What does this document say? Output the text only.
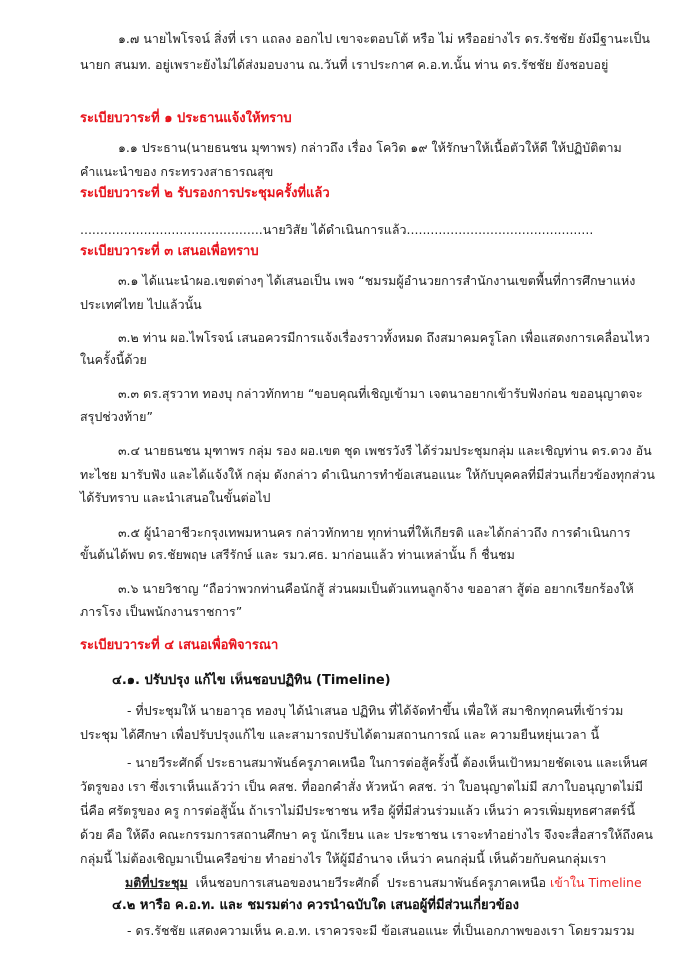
๑.๗ นายไพโรจน์ สิ่งที่ เรา แถลง ออกไป เขาจะตอบโต้ หรือ ไม่ หรืออย่างไร ดร.รัชชัย ยังมีฐานะเป็น
นายก สนมท. อยู่เพราะยังไม่ได้ส่งมอบงาน ณ.วันที่ เราประกาศ ค.อ.ท.นั้น ท่าน ดร.รัชชัย ยังชอบอยู่
ระเบียบวาระที่ ๑ ประธานแจ้งให้ทราบ
๑.๑ ประธาน(นายธนชน มุฑาพร) กล่าวถึง เรื่อง โควิด ๑๙ ให้รักษาให้เนื้อตัวให้ดี ให้ปฏิบัติตาม
คำแนะนำของ กระทรวงสาธารณสุข
ระเบียบวาระที่ ๒ รับรองการประชุมครั้งที่แล้ว
..............................................นายวิสัย ได้ดำเนินการแล้ว...............................................
ระเบียบวาระที่ ๓ เสนอเพื่อทราบ
๓.๑ ได้แนะนำผอ.เขตต่างๆ ได้เสนอเป็น เพจ “ชมรมผู้อำนวยการสำนักงานเขตพื้นที่การศึกษาแห่ง
ประเทศไทย ไปแล้วนั้น
๓.๒ ท่าน ผอ.ไพโรจน์ เสนอควรมีการแจ้งเรื่องราวทั้งหมด ถึงสมาคมครูโลก เพื่อแสดงการเคลื่อนไหว
ในครั้งนี้ด้วย
๓.๓ ดร.สุรวาท ทองบุ กล่าวทักทาย “ขอบคุณที่เชิญเข้ามา เจตนาอยากเข้ารับฟังก่อน ขออนุญาตจะ
สรุปช่วงท้าย”
๓.๔ นายธนชน มุฑาพร กลุ่ม รอง ผอ.เขต ชุด เพชรวังรี ได้ร่วมประชุมกลุ่ม และเชิญท่าน ดร.ดวง อัน
ทะไชย มารับฟัง และได้แจ้งให้ กลุ่ม ดังกล่าว ดำเนินการทำข้อเสนอแนะ ให้กับบุคคลที่มีส่วนเกี่ยวข้องทุกส่วน
ได้รับทราบ และนำเสนอในขั้นต่อไป
๓.๕ ผู้นำอาชีวะกรุงเทพมหานคร กล่าวทักทาย ทุกท่านที่ให้เกียรติ และได้กล่าวถึง การดำเนินการ
ขั้นต้นได้พบ ดร.ชัยพฤษ เสรีรักษ์ และ รมว.ศธ. มาก่อนแล้ว ท่านเหล่านั้น ก็ ชื่นชม
๓.๖ นายวิชาญ “ถือว่าพวกท่านคือนักสู้ ส่วนผมเป็นตัวแทนลูกจ้าง ขออาสา สู้ต่อ อยากเรียกร้องให้
ภารโรง เป็นพนักงานราชการ”
ระเบียบวาระที่ ๔ เสนอเพื่อพิจารณา
๔.๑. ปรับปรุง แก้ไข เห็นชอบปฏิทิน (Timeline)
- ที่ประชุมให้ นายอาวุธ ทองบุ ได้นำเสนอ ปฏิทิน ที่ได้จัดทำขึ้น เพื่อให้ สมาชิกทุกคนที่เข้าร่วม
ประชุม ได้ศึกษา เพื่อปรับปรุงแก้ไข และสามารถปรับได้ตามสถานการณ์ และ ความยืนหยุ่นเวลา นี้
- นายวีระศักดิ์ ประธานสมาพันธ์ครูภาคเหนือ ในการต่อสู้ครั้งนี้ ต้องเห็นเป้าหมายชัดเจน และเห็นศ
วัตรูของ เรา ซึ่งเราเห็นแล้วว่า เป็น คสช. ที่ออกคำสั่ง หัวหน้า คสช. ว่า ใบอนุญาตไม่มี สภาใบอนุญาตไม่มี
นี่คือ ศรัตรูของ ครู การต่อสู้นั้น ถ้าเราไม่มีประชาชน หรือ ผู้ที่มีส่วนร่วมแล้ว เห็นว่า ควรเพิ่มยุทธศาสตร์นี้
ด้วย คือ ให้ดึง คณะกรรมการสถานศึกษา ครู นักเรียน และ ประชาชน เราจะทำอย่างไร จึงจะสื่อสารให้ถึงคน
กลุ่มนี้ ไม่ต้องเชิญมาเป็นเครือข่าย ทำอย่างไร ให้ผู้มีอำนาจ เห็นว่า คนกลุ่มนี้ เห็นด้วยกับคนกลุ่มเรา
มติที่ประชุม  เห็นชอบการเสนอของนายวีระศักดิ์  ประธานสมาพันธ์ครูภาคเหนือ เข้าใน Timeline
๔.๒ หารือ ค.อ.ท. และ ชมรมต่าง ควรนำฉบับใด เสนอผู้ที่มีส่วนเกี่ยวข้อง
- ดร.รัชชัย แสดงความเห็น ค.อ.ท. เราควรจะมี ข้อเสนอแนะ ที่เป็นเอกภาพของเรา โดยรวมรวม
